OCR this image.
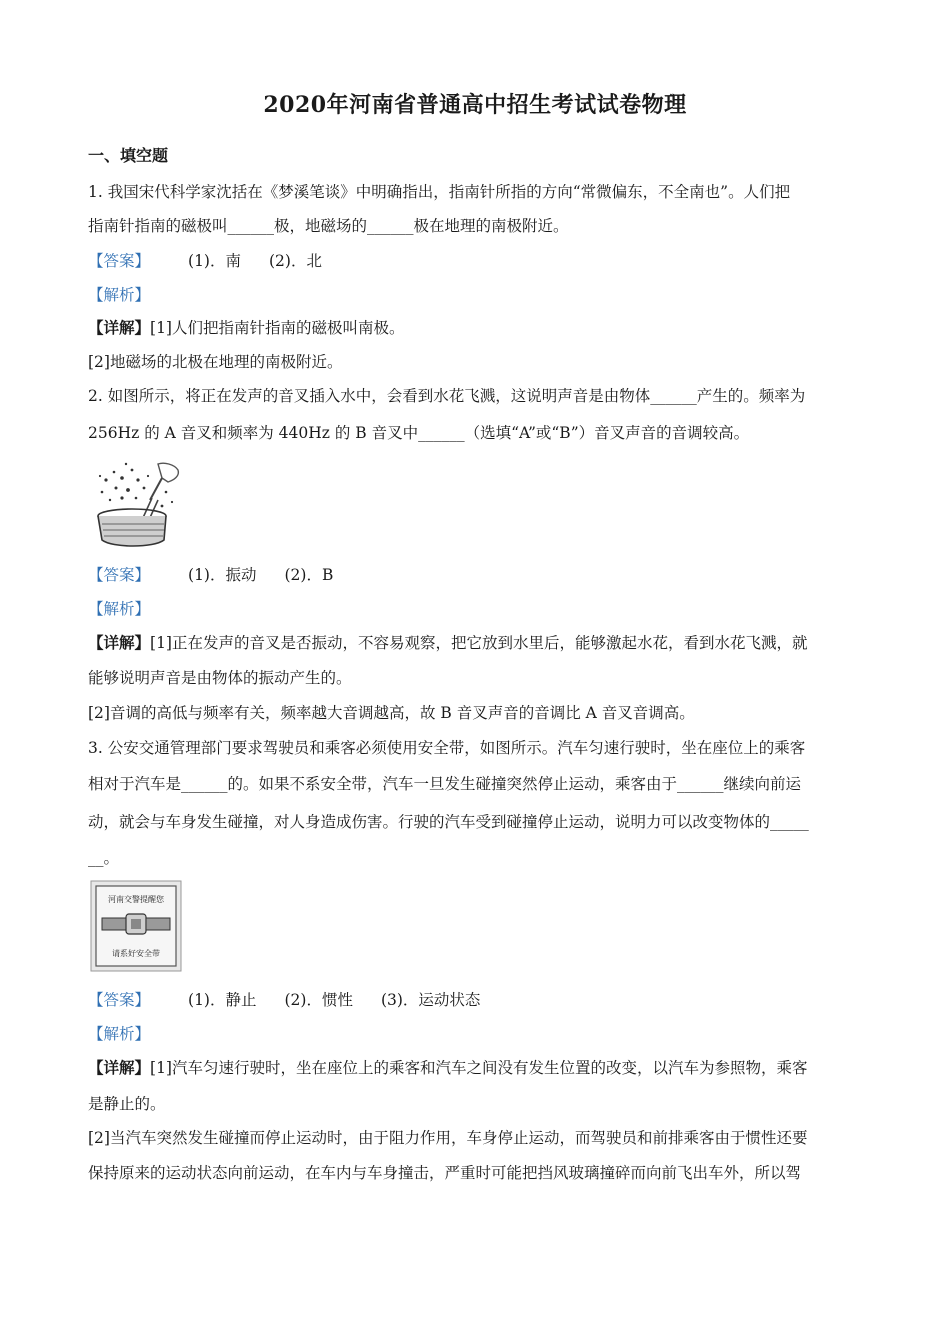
2020年河南省普通高中招生考试试卷物理
一、填空题
1. 我国宋代科学家沈括在《梦溪笔谈》中明确指出，指南针所指的方向“常微偏东，不全南也”。人们把
指南针指南的磁极叫______极，地磁场的______极在地理的南极附近。
【答案】 (1)．南 (2)．北
【解析】
【详解】[1]人们把指南针指南的磁极叫南极。
[2]地磁场的北极在地理的南极附近。
2. 如图所示，将正在发声的音叉插入水中，会看到水花飞溅，这说明声音是由物体______产生的。频率为
256Hz 的 A 音叉和频率为 440Hz 的 B 音叉中______（选填“A”或“B”）音叉声音的音调较高。
【答案】 (1)．振动 (2)．B
【解析】
【详解】[1]正在发声的音叉是否振动，不容易观察，把它放到水里后，能够激起水花，看到水花飞溅，就
能够说明声音是由物体的振动产生的。
[2]音调的高低与频率有关，频率越大音调越高，故 B 音叉声音的音调比 A 音叉音调高。
3. 公安交通管理部门要求驾驶员和乘客必须使用安全带，如图所示。汽车匀速行驶时，坐在座位上的乘客
相对于汽车是______的。如果不系安全带，汽车一旦发生碰撞突然停止运动，乘客由于______继续向前运
动，就会与车身发生碰撞，对人身造成伤害。行驶的汽车受到碰撞停止运动，说明力可以改变物体的_____
__。
河南交警提醒您
请系好安全带
【答案】 (1)．静止 (2)．惯性 (3)．运动状态
【解析】
【详解】[1]汽车匀速行驶时，坐在座位上的乘客和汽车之间没有发生位置的改变，以汽车为参照物，乘客
是静止的。
[2]当汽车突然发生碰撞而停止运动时，由于阻力作用，车身停止运动，而驾驶员和前排乘客由于惯性还要
保持原来的运动状态向前运动，在车内与车身撞击，严重时可能把挡风玻璃撞碎而向前飞出车外，所以驾
